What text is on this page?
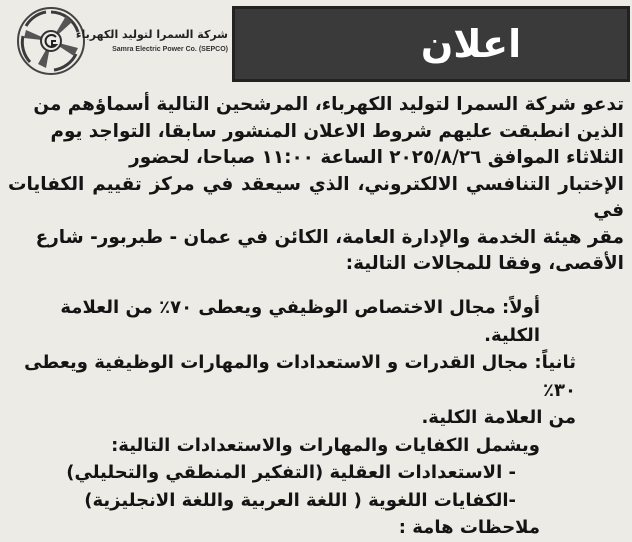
شركة السمرا لتوليد الكهرباء
Samra Electric Power Co. (SEPCO)	اعلان

تدعو شركة السمرا لتوليد الكهرباء، المرشحين التالية أسماؤهم من

الذين انطبقت عليهم شروط الاعلان المنشور سابقا، التواجد يوم

الثلاثاء الموافق ٢٠٢٥/٨/٢٦ الساعة ١١:٠٠ صباحا، لحضور

الإختبار التنافسي الالكتروني، الذي سيعقد في مركز تقييم الكفايات في

مقر هيئة الخدمة والإدارة العامة، الكائن في عمان - طبربور- شارع

الأقصى، وفقا للمجالات التالية:

أولاً: مجال الاختصاص الوظيفي ويعطى ٧٠٪ من العلامة الكلية.

ثانياً: مجال القدرات و الاستعدادات والمهارات الوظيفية ويعطى ٣٠٪

من العلامة الكلية.

ويشمل الكفايات والمهارات والاستعدادات التالية:

- الاستعدادات العقلية (التفكير المنطقي والتحليلي)

-الكفايات اللغوية ( اللغة العربية واللغة الانجليزية)

ملاحظات هامة :
